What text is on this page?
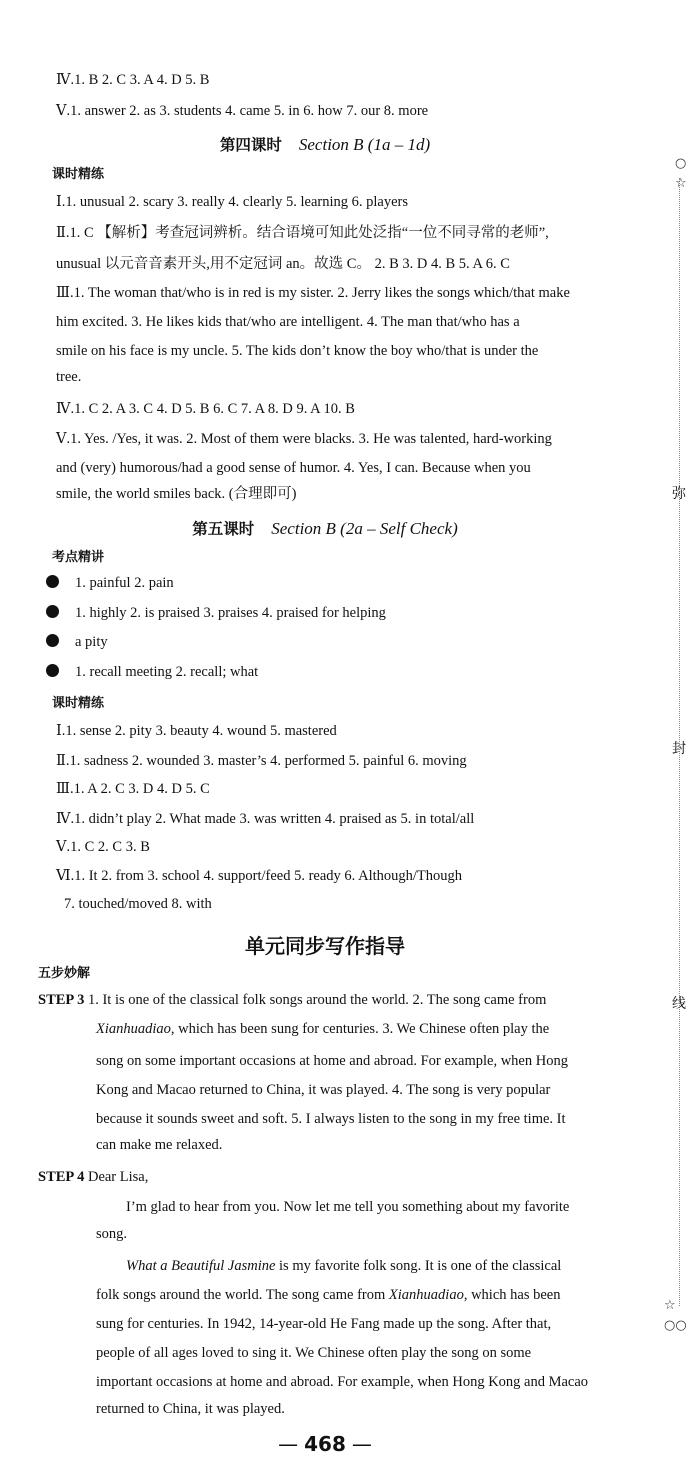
Ⅳ.1. B 2. C 3. A 4. D 5. B
Ⅴ.1. answer 2. as 3. students 4. came 5. in 6. how 7. our 8. more
第四课时 Section B (1a – 1d)
课时精练
Ⅰ.1. unusual 2. scary 3. really 4. clearly 5. learning 6. players
Ⅱ.1. C 【解析】考查冠词辨析。结合语境可知此处泛指“一位不同寻常的老师”,
unusual 以元音音素开头,用不定冠词 an。故选 C。 2. B 3. D 4. B 5. A 6. C
Ⅲ.1. The woman that/who is in red is my sister. 2. Jerry likes the songs which/that make
him excited. 3. He likes kids that/who are intelligent. 4. The man that/who has a
smile on his face is my uncle. 5. The kids don’t know the boy who/that is under the
tree.
Ⅳ.1. C 2. A 3. C 4. D 5. B 6. C 7. A 8. D 9. A 10. B
Ⅴ.1. Yes. /Yes, it was. 2. Most of them were blacks. 3. He was talented, hard-working
and (very) humorous/had a good sense of humor. 4. Yes, I can. Because when you
smile, the world smiles back. (合理即可)
第五课时 Section B (2a – Self Check)
考点精讲
1. painful 2. pain
1. highly 2. is praised 3. praises 4. praised for helping
a pity
1. recall meeting 2. recall; what
课时精练
Ⅰ.1. sense 2. pity 3. beauty 4. wound 5. mastered
Ⅱ.1. sadness 2. wounded 3. master’s 4. performed 5. painful 6. moving
Ⅲ.1. A 2. C 3. D 4. D 5. C
Ⅳ.1. didn’t play 2. What made 3. was written 4. praised as 5. in total/all
Ⅴ.1. C 2. C 3. B
Ⅵ.1. It 2. from 3. school 4. support/feed 5. ready 6. Although/Though
7. touched/moved 8. with
单元同步写作指导
五步妙解
STEP 3 1. It is one of the classical folk songs around the world. 2. The song came from
Xianhuadiao, which has been sung for centuries. 3. We Chinese often play the
song on some important occasions at home and abroad. For example, when Hong
Kong and Macao returned to China, it was played. 4. The song is very popular
because it sounds sweet and soft. 5. I always listen to the song in my free time. It
can make me relaxed.
STEP 4 Dear Lisa,
I’m glad to hear from you. Now let me tell you something about my favorite
song.
What a Beautiful Jasmine is my favorite folk song. It is one of the classical
folk songs around the world. The song came from Xianhuadiao, which has been
sung for centuries. In 1942, 14-year-old He Fang made up the song. After that,
people of all ages loved to sing it. We Chinese often play the song on some
important occasions at home and abroad. For example, when Hong Kong and Macao
returned to China, it was played.
— 468 —
○
☆
弥
封
线
☆
○○
